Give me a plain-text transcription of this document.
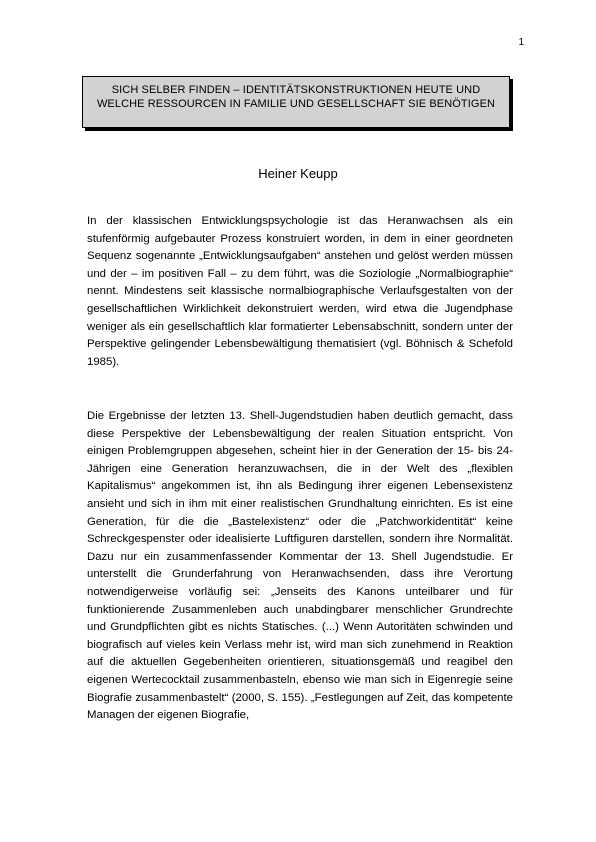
1
SICH SELBER FINDEN – IDENTITÄTSKONSTRUKTIONEN HEUTE UND WELCHE RESSOURCEN IN FAMILIE UND GESELLSCHAFT SIE BENÖTIGEN
Heiner Keupp

In der klassischen Entwicklungspsychologie ist das Heranwachsen als ein stufenförmig aufgebauter Prozess konstruiert worden, in dem in einer geordneten Sequenz sogenannte „Entwicklungsaufgaben“ anstehen und gelöst werden müssen und der – im positiven Fall – zu dem führt, was die Soziologie „Normalbiographie“ nennt. Mindestens seit klassische normalbiographische Verlaufsgestalten von der gesellschaftlichen Wirklichkeit dekonstruiert werden, wird etwa die Jugendphase weniger als ein gesellschaftlich klar formatierter Lebensabschnitt, sondern unter der Perspektive gelingender Lebensbewältigung thematisiert (vgl. Böhnisch & Schefold 1985).

Die Ergebnisse der letzten 13. Shell-Jugendstudien haben deutlich gemacht, dass diese Perspektive der Lebensbewältigung der realen Situation entspricht. Von einigen Problemgruppen abgesehen, scheint hier in der Generation der 15- bis 24-Jährigen eine Generation heranzuwachsen, die in der Welt des „flexiblen Kapitalismus“ angekommen ist, ihn als Bedingung ihrer eigenen Lebensexistenz ansieht und sich in ihm mit einer realistischen Grundhaltung einrichten. Es ist eine Generation, für die die „Bastelexistenz“ oder die „Patchworkidentität“ keine Schreckgespenster oder idealisierte Luftfiguren darstellen, sondern ihre Normalität. Dazu nur ein zusammenfassender Kommentar der 13. Shell Jugendstudie. Er unterstellt die Grunderfahrung von Heranwachsenden, dass ihre Verortung notwendigerweise vorläufig sei: „Jenseits des Kanons unteilbarer und für funktionierende Zusammenleben auch unabdingbarer menschlicher Grundrechte und Grundpflichten gibt es nichts Statisches. (...) Wenn Autoritäten schwinden und biografisch auf vieles kein Verlass mehr ist, wird man sich zunehmend in Reaktion auf die aktuellen Gegebenheiten orientieren, situationsgemäß und reagibel den eigenen Wertecocktail zusammenbasteln, ebenso wie man sich in Eigenregie seine Biografie zusammenbastelt“ (2000, S. 155). „Festlegungen auf Zeit, das kompetente Managen der eigenen Biografie,
